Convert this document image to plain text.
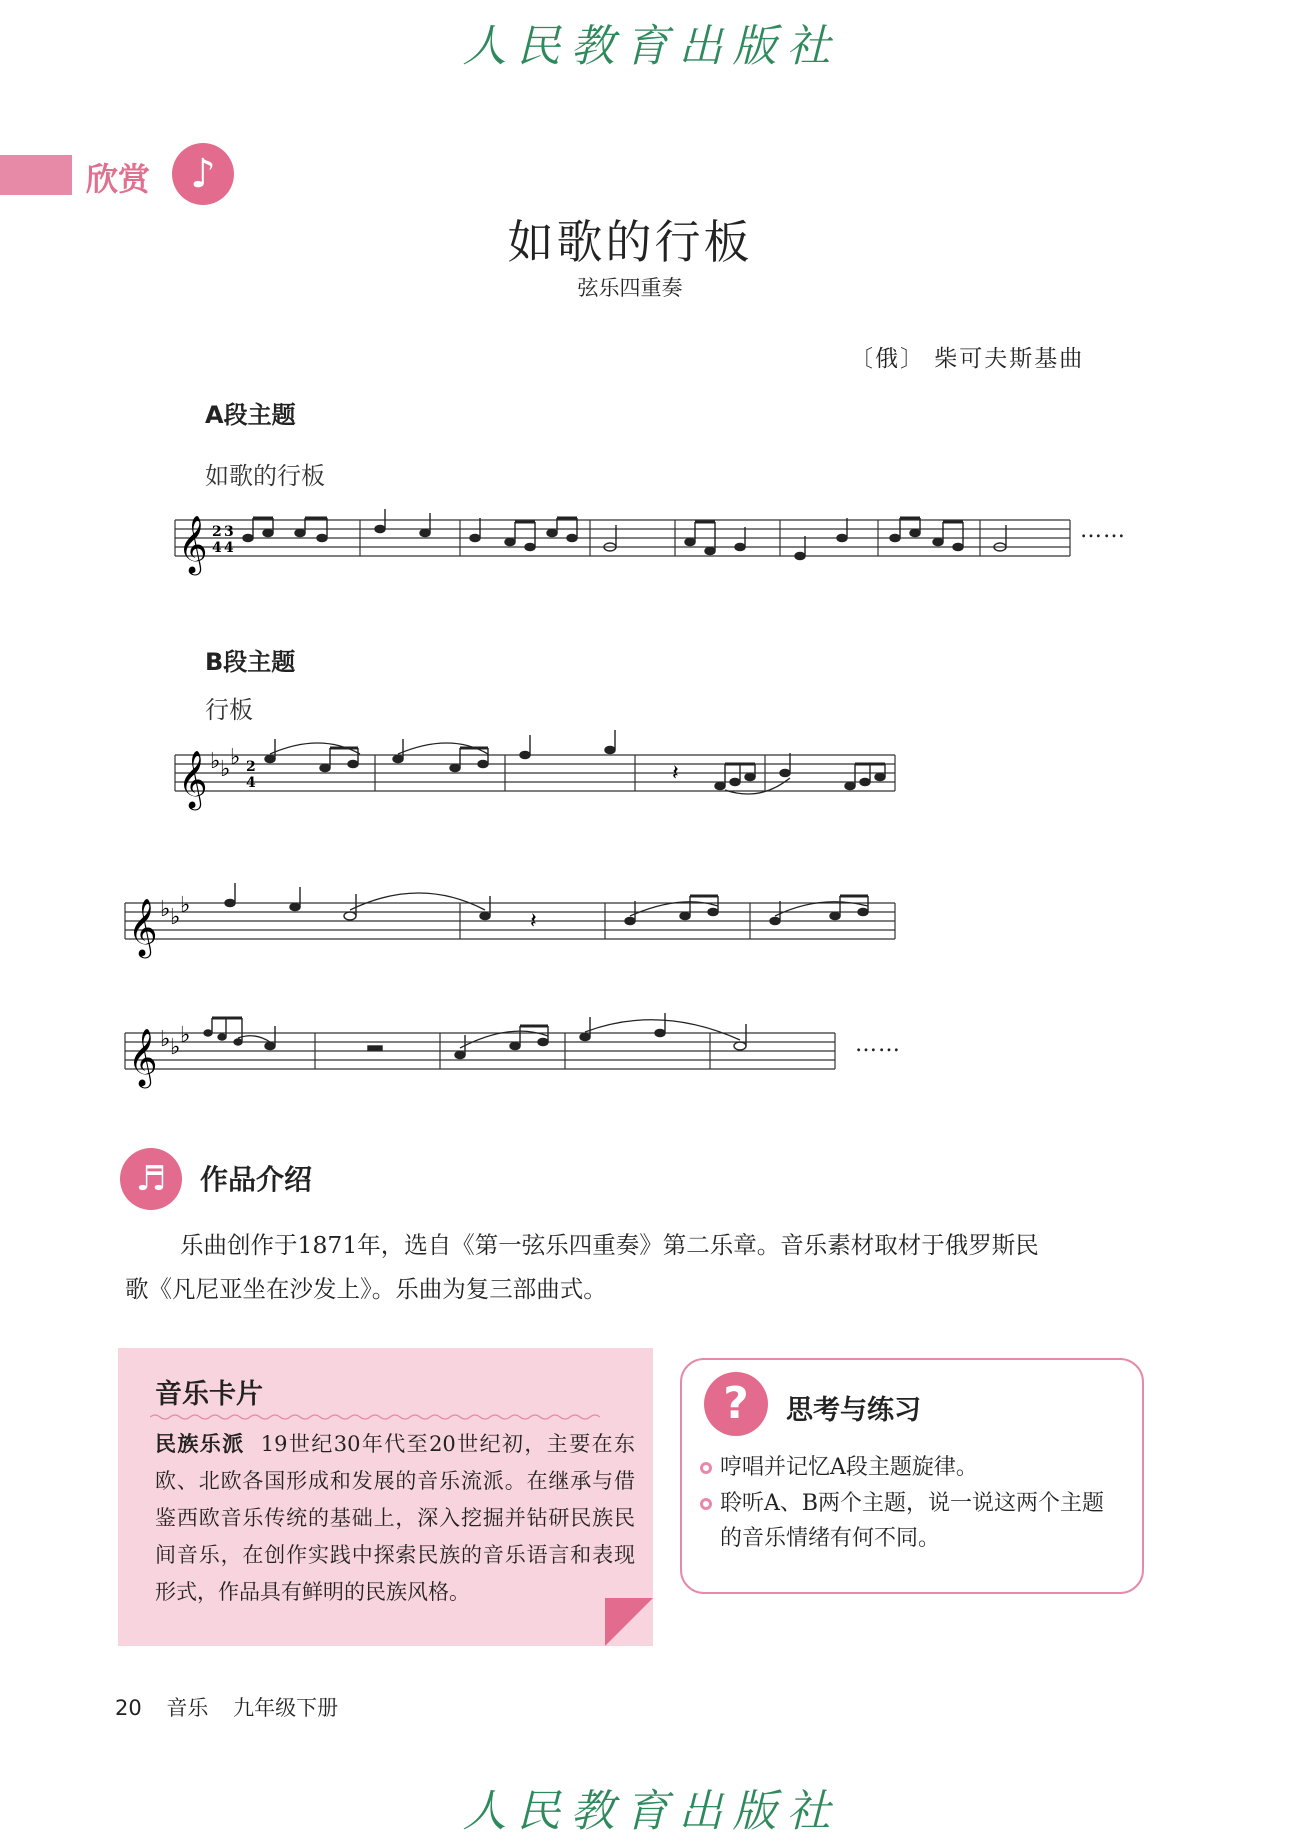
人民教育出版社
欣赏	♪
如歌的行板
弦乐四重奏
〔俄〕 柴可夫斯基曲
A段主题
如歌的行板
𝄞 2
4
3
4
……
B段主题
行板
𝄞 ♭ ♭ ♭ 2
4	𝄽
𝄞 ♭ ♭ ♭
𝄽
𝄞 ♭ ♭ ♭	……
♬	作品介绍
乐曲创作于1871年，选自《第一弦乐四重奏》第二乐章。音乐素材取材于俄罗斯民
歌《凡尼亚坐在沙发上》。乐曲为复三部曲式。
音乐卡片
民族乐派 19世纪30年代至20世纪初，主要在东欧、北欧各国形成和发展的音乐流派。在继承与借鉴西欧音乐传统的基础上，深入挖掘并钻研民族民间音乐，在创作实践中探索民族的音乐语言和表现形式，作品具有鲜明的民族风格。
?	思考与练习
哼唱并记忆A段主题旋律。
聆听A、B两个主题，说一说这两个主题的音乐情绪有何不同。
20 音乐 九年级下册
人民教育出版社
